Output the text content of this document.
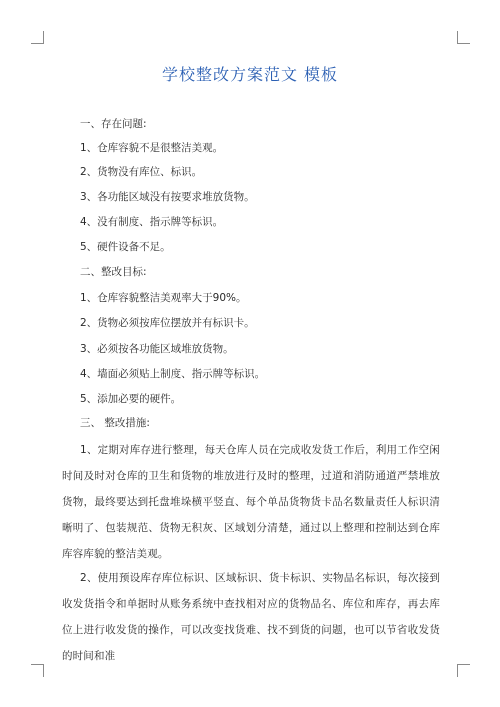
学校整改方案范文 模板
一、存在问题:
1、仓库容貌不是很整洁美观。
2、货物没有库位、标识。
3、各功能区域没有按要求堆放货物。
4、没有制度、指示牌等标识。
5、硬件设备不足。
二、整改目标:
1、仓库容貌整洁美观率大于90%。
2、货物必须按库位摆放并有标识卡。
3、必须按各功能区域堆放货物。
4、墙面必须贴上制度、指示牌等标识。
5、添加必要的硬件。
三、 整改措施:
1、定期对库存进行整理，每天仓库人员在完成收发货工作后，利用工作空闲时间及时对仓库的卫生和货物的堆放进行及时的整理，过道和消防通道严禁堆放货物，最终要达到托盘堆垛横平竖直、每个单品货物货卡品名数量责任人标识清晰明了、包装规范、货物无积灰、区域划分清楚，通过以上整理和控制达到仓库库容库貌的整洁美观。
2、使用预设库存库位标识、区域标识、货卡标识、实物品名标识，每次接到收发货指令和单据时从账务系统中查找相对应的货物品名、库位和库存，再去库位上进行收发货的操作，可以改变找货难、找不到货的问题，也可以节省收发货的时间和准
